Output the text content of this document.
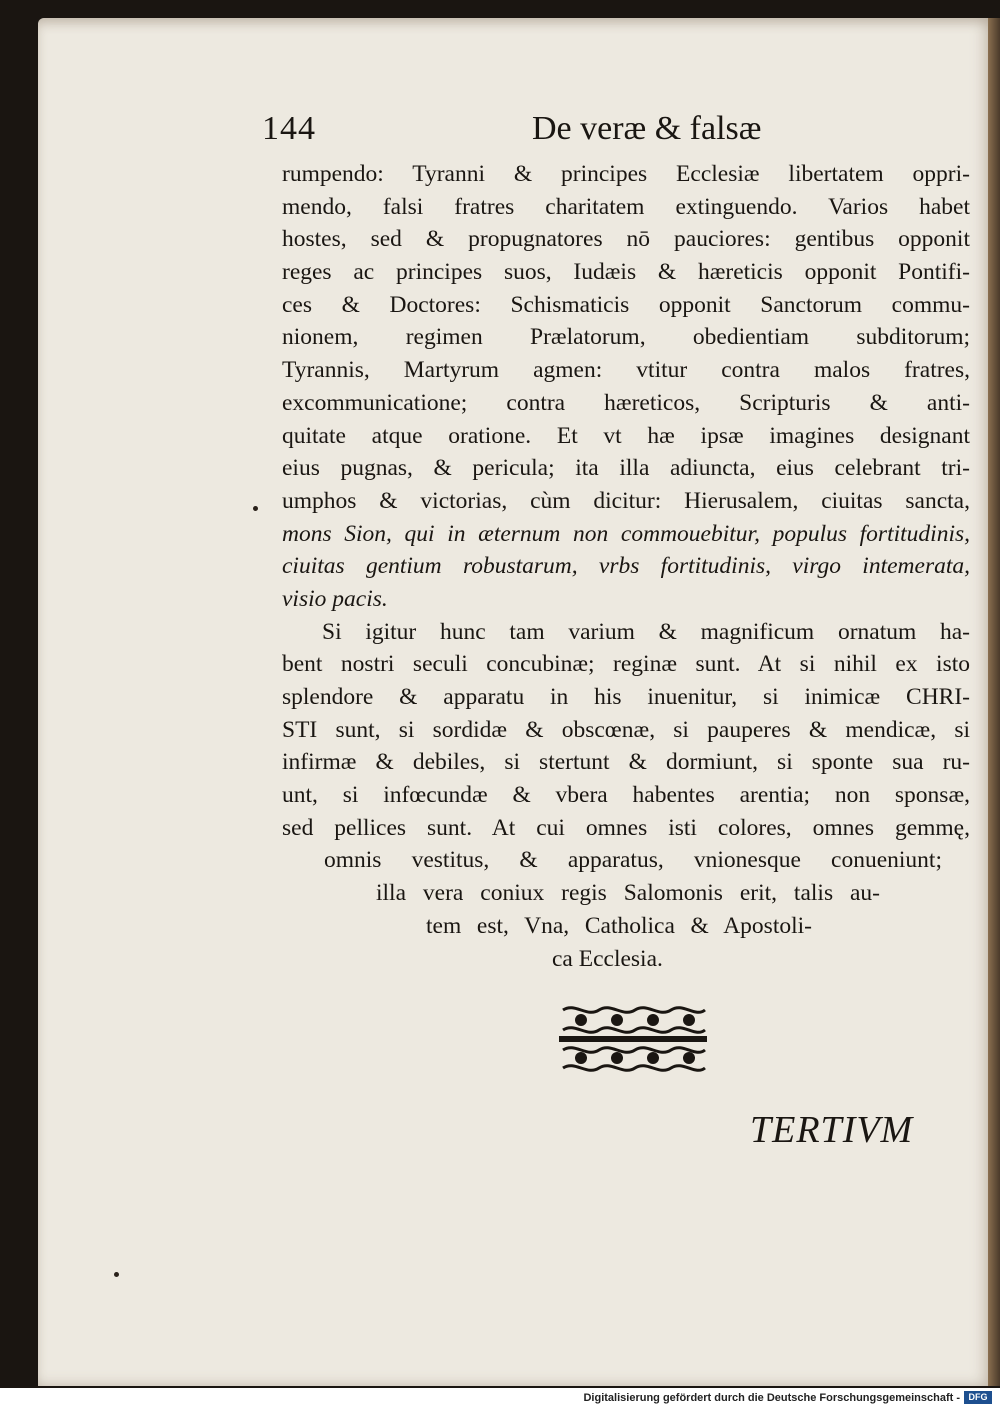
144	De veræ & falsæ
rumpendo: Tyranni & principes Ecclesiæ libertatem oppri-
mendo, falsi fratres charitatem extinguendo. Varios habet
hostes, sed & propugnatores nō pauciores: gentibus opponit
reges ac principes suos, Iudæis & hæreticis opponit Pontifi-
ces & Doctores: Schismaticis opponit Sanctorum commu-
nionem, regimen Prælatorum, obedientiam subditorum;
Tyrannis, Martyrum agmen: vtitur contra malos fratres,
excommunicatione; contra hæreticos, Scripturis & anti-
quitate atque oratione. Et vt hæ ipsæ imagines designant
eius pugnas, & pericula; ita illa adiuncta, eius celebrant tri-
umphos & victorias, cùm dicitur: Hierusalem, ciuitas sancta,
mons Sion, qui in æternum non commouebitur, populus fortitudinis,
ciuitas gentium robustarum, vrbs fortitudinis, virgo intemerata,
visio pacis.
Si igitur hunc tam varium & magnificum ornatum ha-
bent nostri seculi concubinæ; reginæ sunt. At si nihil ex isto
splendore & apparatu in his inuenitur, si inimicæ CHRI-
STI sunt, si sordidæ & obscœnæ, si pauperes & mendicæ, si
infirmæ & debiles, si stertunt & dormiunt, si sponte sua ru-
unt, si infœcundæ & vbera habentes arentia; non sponsæ,
sed pellices sunt. At cui omnes isti colores, omnes gemmę,
omnis vestitus, & apparatus, vnionesque conueniunt;
illa vera coniux regis Salomonis erit, talis au-
tem est, Vna, Catholica & Apostoli-
ca Ecclesia.
TERTIVM
Digitalisierung gefördert durch die Deutsche Forschungsgemeinschaft - DFG
